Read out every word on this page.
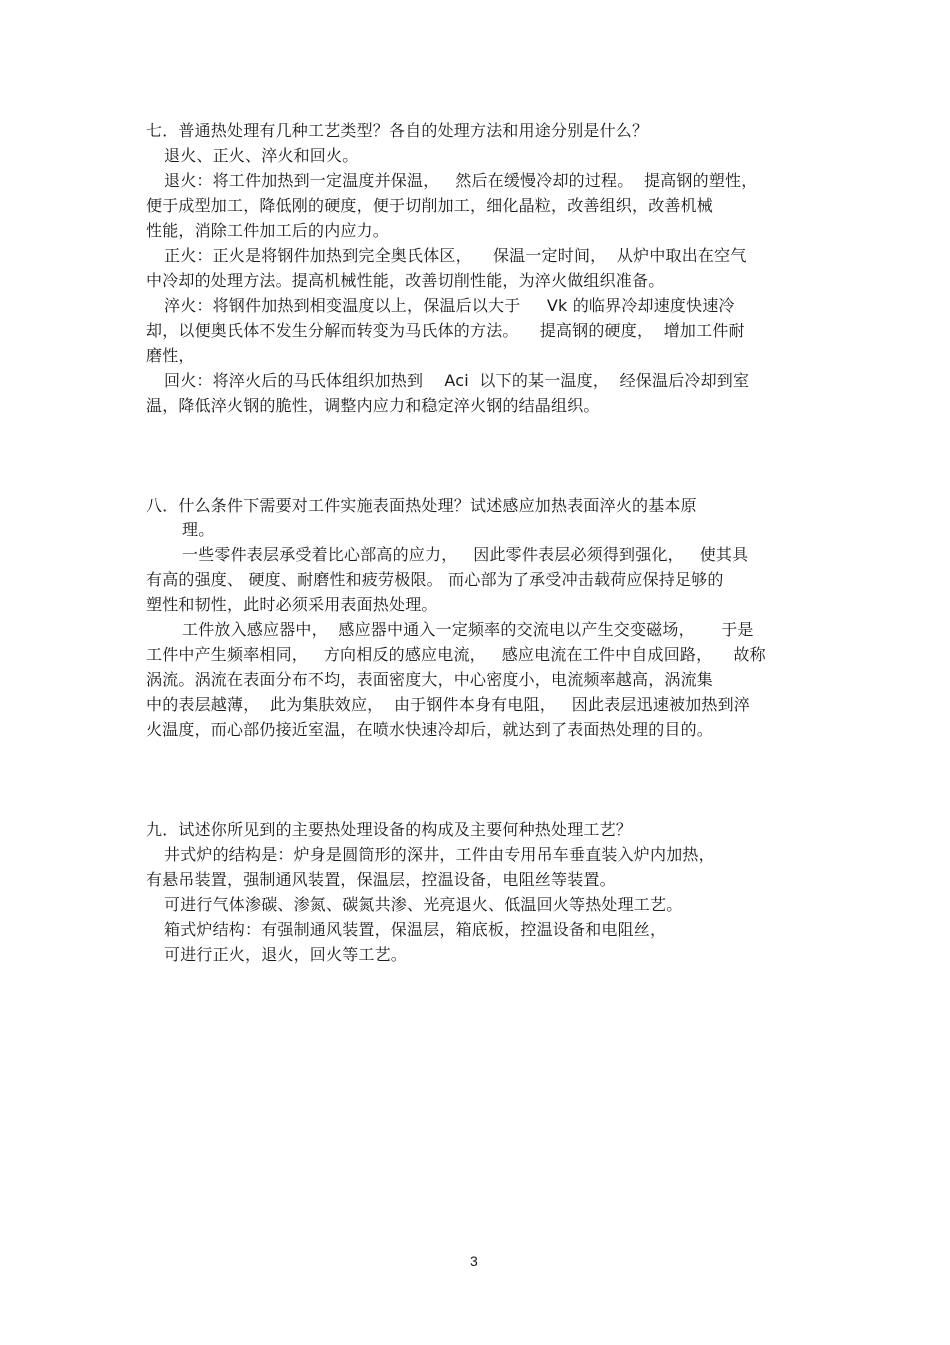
七．普通热处理有几种工艺类型？各自的处理方法和用途分别是什么？
退火、正火、淬火和回火。
退火：将工件加热到一定温度并保温，   然后在缓慢冷却的过程。  提高钢的塑性，
便于成型加工，降低刚的硬度，便于切削加工，细化晶粒，改善组织，改善机械
性能，消除工件加工后的内应力。
正火：正火是将钢件加热到完全奥氏体区，    保温一定时间，  从炉中取出在空气
中冷却的处理方法。提高机械性能，改善切削性能，为淬火做组织准备。
淬火：将钢件加热到相变温度以上，保温后以大于     Vk 的临界冷却速度快速冷
却，以便奥氏体不发生分解而转变为马氏体的方法。    提高钢的硬度，  增加工件耐
磨性，
回火：将淬火后的马氏体组织加热到    Aci  以下的某一温度，  经保温后冷却到室
温，降低淬火钢的脆性，调整内应力和稳定淬火钢的结晶组织。
八．什么条件下需要对工件实施表面热处理？试述感应加热表面淬火的基本原
理。
一些零件表层承受着比心部高的应力，   因此零件表层必须得到强化，   使其具
有高的强度、 硬度、耐磨性和疲劳极限。 而心部为了承受冲击载荷应保持足够的
塑性和韧性，此时必须采用表面热处理。
工件放入感应器中，  感应器中通入一定频率的交流电以产生交变磁场，     于是
工件中产生频率相同，   方向相反的感应电流，   感应电流在工件中自成回路，    故称
涡流。涡流在表面分布不均，表面密度大，中心密度小，电流频率越高，涡流集
中的表层越薄，  此为集肤效应，  由于钢件本身有电阻，   因此表层迅速被加热到淬
火温度，而心部仍接近室温，在喷水快速冷却后，就达到了表面热处理的目的。
九．试述你所见到的主要热处理设备的构成及主要何种热处理工艺？
井式炉的结构是：炉身是圆筒形的深井，工件由专用吊车垂直装入炉内加热，
有悬吊装置，强制通风装置，保温层，控温设备，电阻丝等装置。
可进行气体渗碳、渗氮、碳氮共渗、光亮退火、低温回火等热处理工艺。
箱式炉结构：有强制通风装置，保温层，箱底板，控温设备和电阻丝，
可进行正火，退火，回火等工艺。
3
